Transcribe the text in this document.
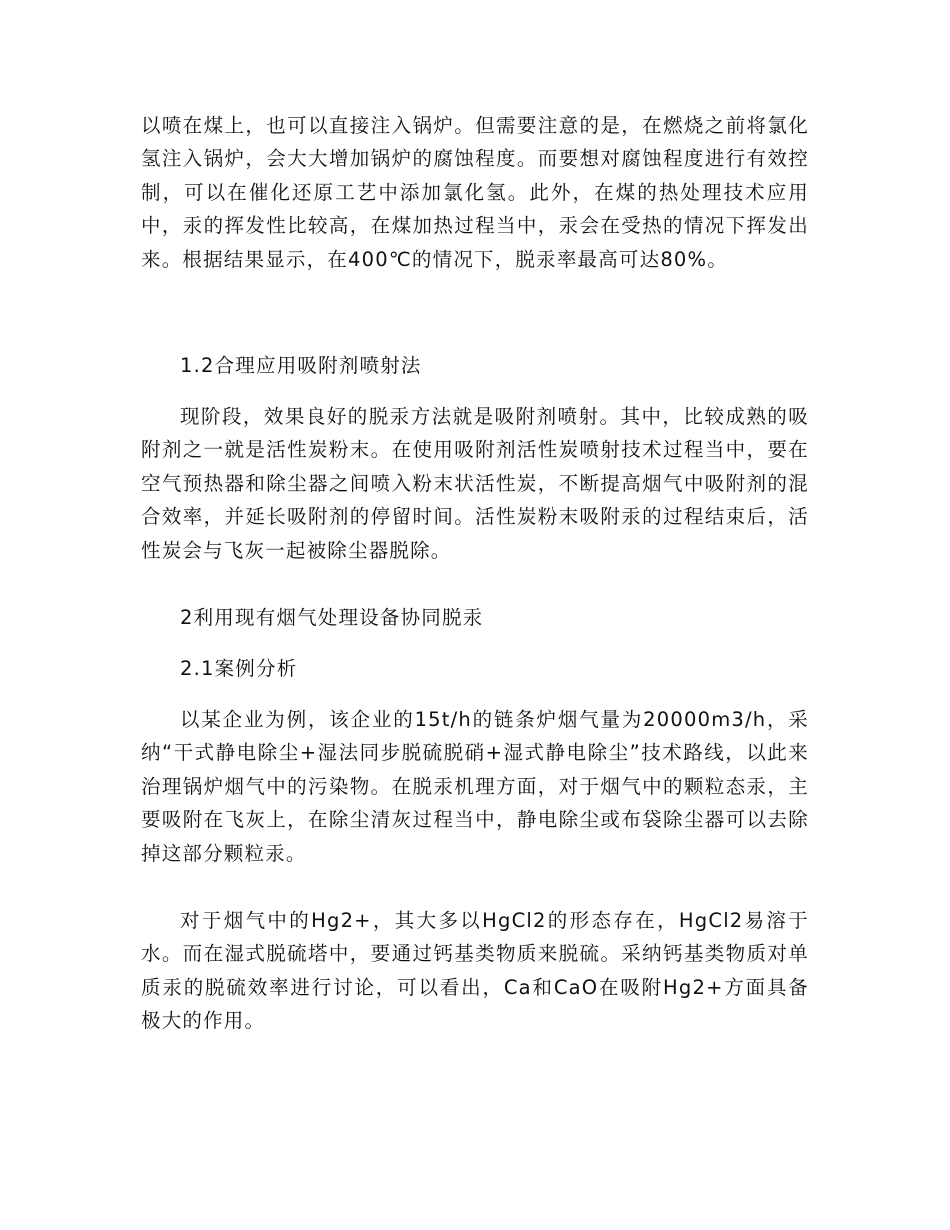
以喷在煤上，也可以直接注入锅炉。但需要注意的是，在燃烧之前将氯化氢注入锅炉，会大大增加锅炉的腐蚀程度。而要想对腐蚀程度进行有效控制，可以在催化还原工艺中添加氯化氢。此外，在煤的热处理技术应用中，汞的挥发性比较高，在煤加热过程当中，汞会在受热的情况下挥发出来。根据结果显示，在400℃的情况下，脱汞率最高可达80%。

1.2合理应用吸附剂喷射法

现阶段，效果良好的脱汞方法就是吸附剂喷射。其中，比较成熟的吸附剂之一就是活性炭粉末。在使用吸附剂活性炭喷射技术过程当中，要在空气预热器和除尘器之间喷入粉末状活性炭，不断提高烟气中吸附剂的混合效率，并延长吸附剂的停留时间。活性炭粉末吸附汞的过程结束后，活性炭会与飞灰一起被除尘器脱除。

2利用现有烟气处理设备协同脱汞

2.1案例分析

以某企业为例，该企业的15t/h的链条炉烟气量为20000m3/h，采纳“干式静电除尘+湿法同步脱硫脱硝+湿式静电除尘”技术路线，以此来治理锅炉烟气中的污染物。在脱汞机理方面，对于烟气中的颗粒态汞，主要吸附在飞灰上，在除尘清灰过程当中，静电除尘或布袋除尘器可以去除掉这部分颗粒汞。

对于烟气中的Hg2+，其大多以HgCl2的形态存在，HgCl2易溶于水。而在湿式脱硫塔中，要通过钙基类物质来脱硫。采纳钙基类物质对单质汞的脱硫效率进行讨论，可以看出，Ca和CaO在吸附Hg2+方面具备极大的作用。
